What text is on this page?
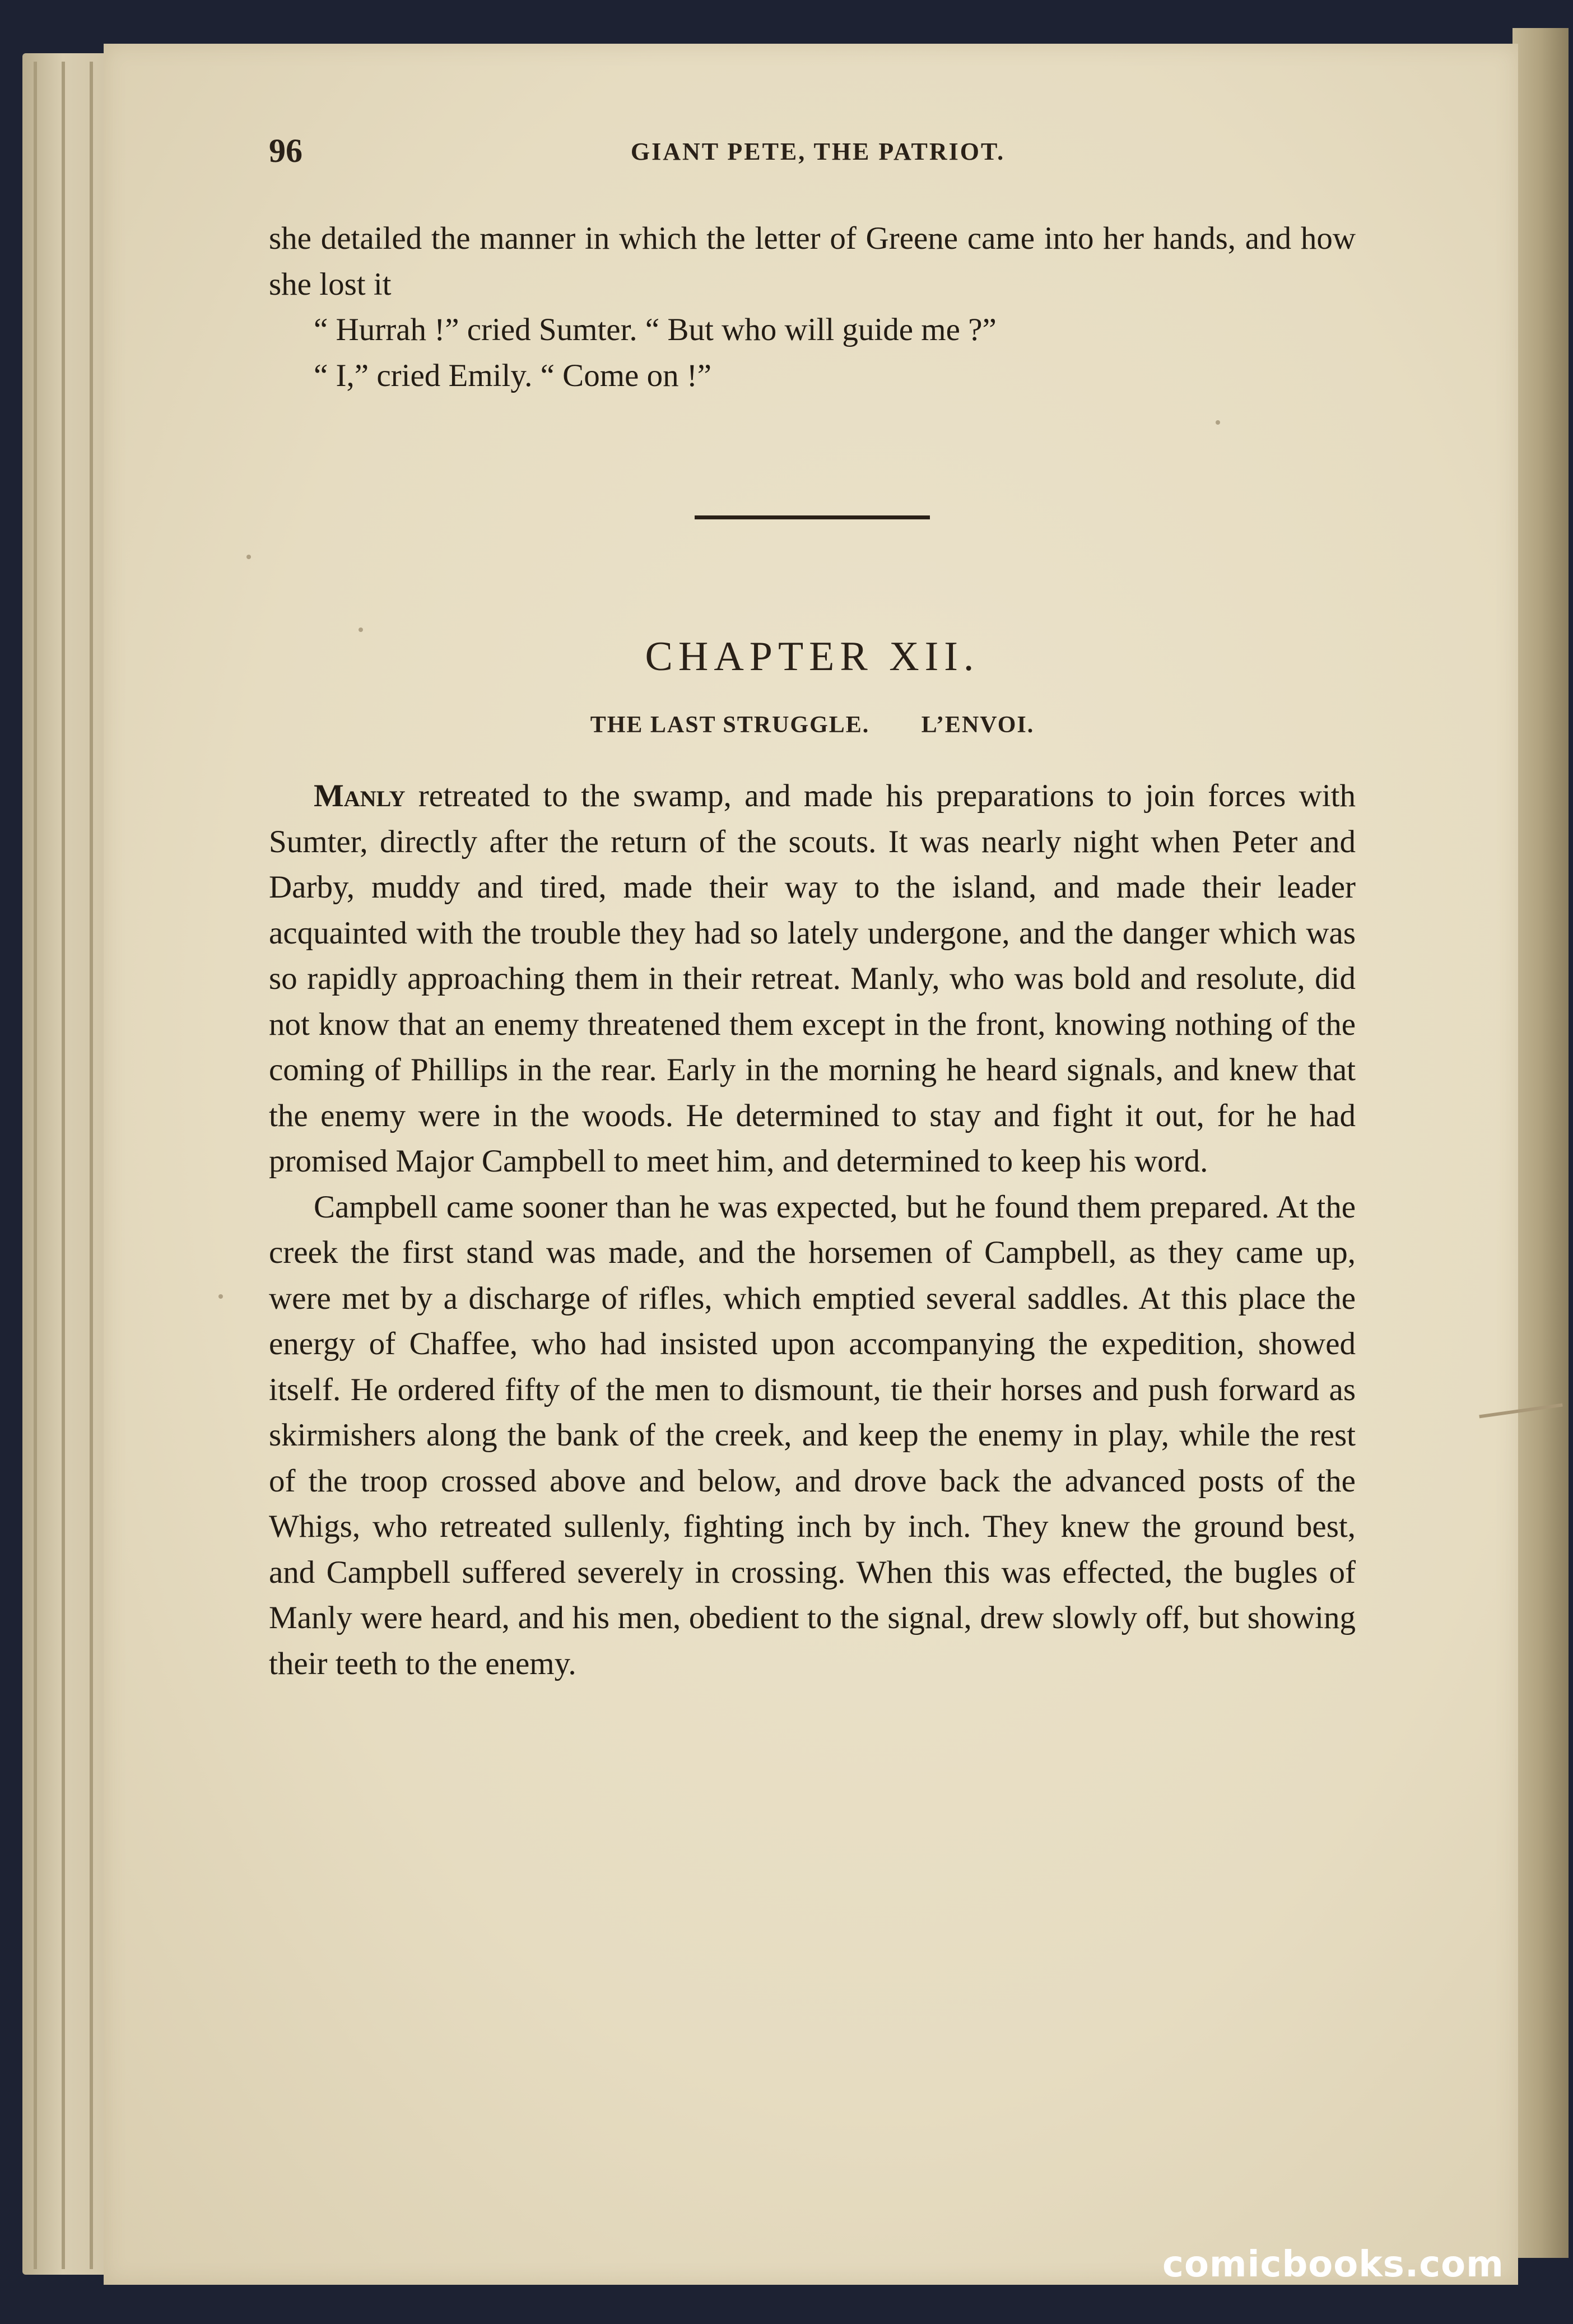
96	GIANT PETE, THE PATRIOT.

she detailed the manner in which the letter of Greene came into her hands, and how she lost it

“ Hurrah !” cried Sumter. “ But who will guide me ?”

“ I,” cried Emily. “ Come on !”

CHAPTER XII.
THE LAST STRUGGLE. L’ENVOI.

Manly retreated to the swamp, and made his preparations to join forces with Sumter, directly after the return of the scouts. It was nearly night when Peter and Darby, muddy and tired, made their way to the island, and made their leader acquainted with the trouble they had so lately undergone, and the danger which was so rapidly approaching them in their retreat. Manly, who was bold and resolute, did not know that an enemy threatened them except in the front, knowing nothing of the coming of Phillips in the rear. Early in the morning he heard signals, and knew that the enemy were in the woods. He determined to stay and fight it out, for he had promised Major Campbell to meet him, and determined to keep his word.

Campbell came sooner than he was expected, but he found them prepared. At the creek the first stand was made, and the horsemen of Campbell, as they came up, were met by a discharge of rifles, which emptied several saddles. At this place the energy of Chaffee, who had insisted upon accompanying the expedition, showed itself. He ordered fifty of the men to dismount, tie their horses and push forward as skirmishers along the bank of the creek, and keep the enemy in play, while the rest of the troop crossed above and below, and drove back the advanced posts of the Whigs, who retreated sullenly, fighting inch by inch. They knew the ground best, and Campbell suffered severely in crossing. When this was effected, the bugles of Manly were heard, and his men, obedient to the signal, drew slowly off, but showing their teeth to the enemy.

comicbooks.com
